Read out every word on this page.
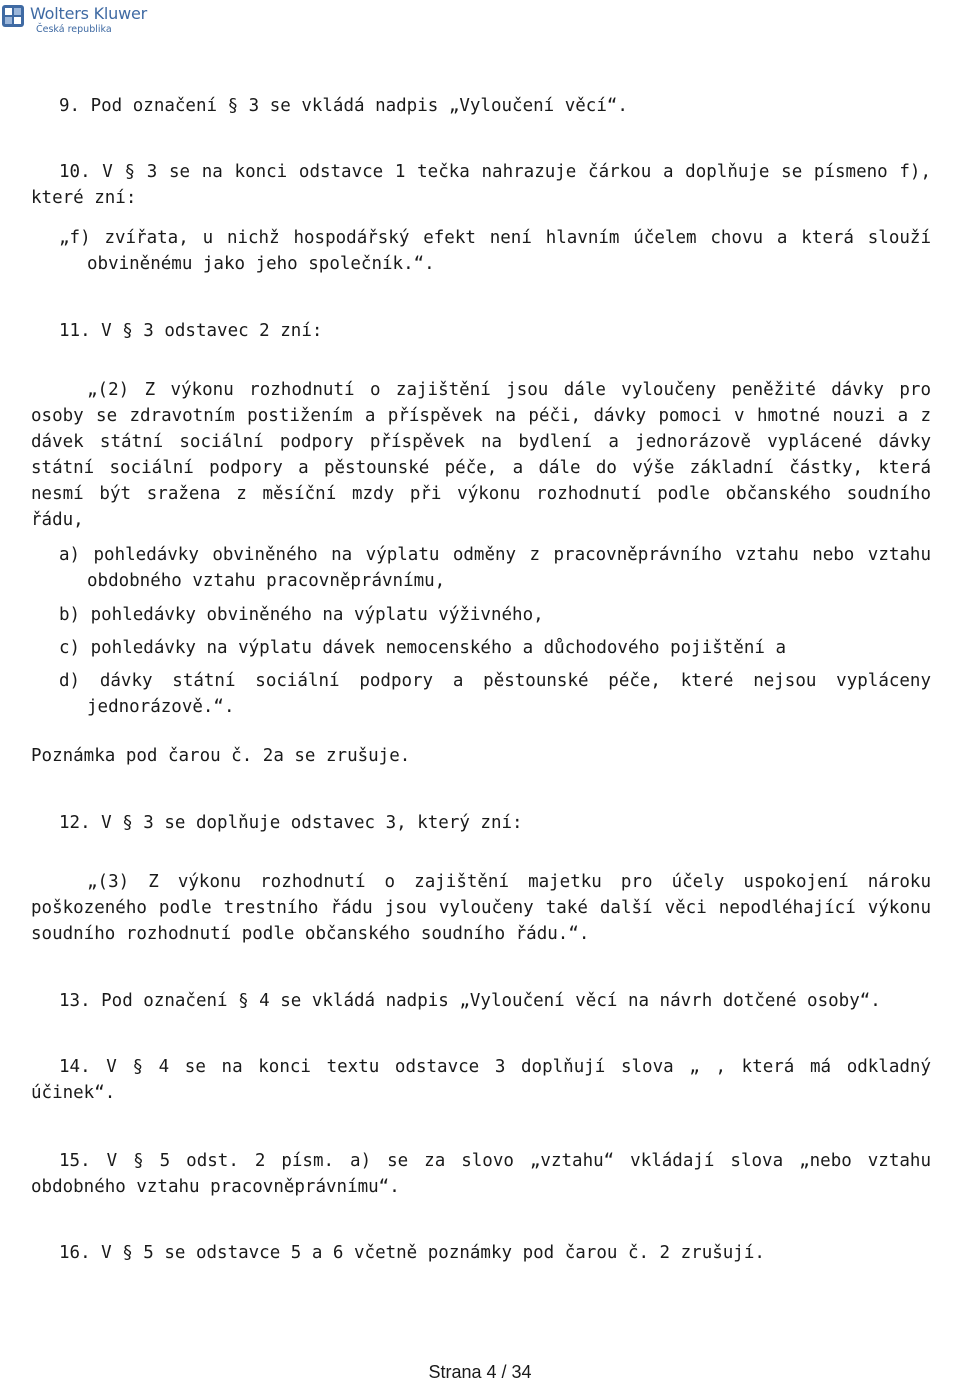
Wolters Kluwer
Česká republika

9. Pod označení § 3 se vkládá nadpis „Vyloučení věcí“.

10. V § 3 se na konci odstavce 1 tečka nahrazuje čárkou a doplňuje se písmeno f), které zní:

„f) zvířata, u nichž hospodářský efekt není hlavním účelem chovu a která slouží obviněnému jako jeho společník.“.

11. V § 3 odstavec 2 zní:

„(2) Z výkonu rozhodnutí o zajištění jsou dále vyloučeny peněžité dávky pro osoby se zdravotním postižením a příspěvek na péči, dávky pomoci v hmotné nouzi a z dávek státní sociální podpory příspěvek na bydlení a jednorázově vyplácené dávky státní sociální podpory a pěstounské péče, a dále do výše základní částky, která nesmí být sražena z měsíční mzdy při výkonu rozhodnutí podle občanského soudního řádu,

a) pohledávky obviněného na výplatu odměny z pracovněprávního vztahu nebo vztahu obdobného vztahu pracovněprávnímu,

b) pohledávky obviněného na výplatu výživného,

c) pohledávky na výplatu dávek nemocenského a důchodového pojištění a

d) dávky státní sociální podpory a pěstounské péče, které nejsou vypláceny jednorázově.“.

Poznámka pod čarou č. 2a se zrušuje.

12. V § 3 se doplňuje odstavec 3, který zní:

„(3) Z výkonu rozhodnutí o zajištění majetku pro účely uspokojení nároku poškozeného podle trestního řádu jsou vyloučeny také další věci nepodléhající výkonu soudního rozhodnutí podle občanského soudního řádu.“.

13. Pod označení § 4 se vkládá nadpis „Vyloučení věcí na návrh dotčené osoby“.

14. V § 4 se na konci textu odstavce 3 doplňují slova „ , která má odkladný účinek“.

15. V § 5 odst. 2 písm. a) se za slovo „vztahu“ vkládají slova „nebo vztahu obdobného vztahu pracovněprávnímu“.

16. V § 5 se odstavce 5 a 6 včetně poznámky pod čarou č. 2 zrušují.

Strana 4 / 34
